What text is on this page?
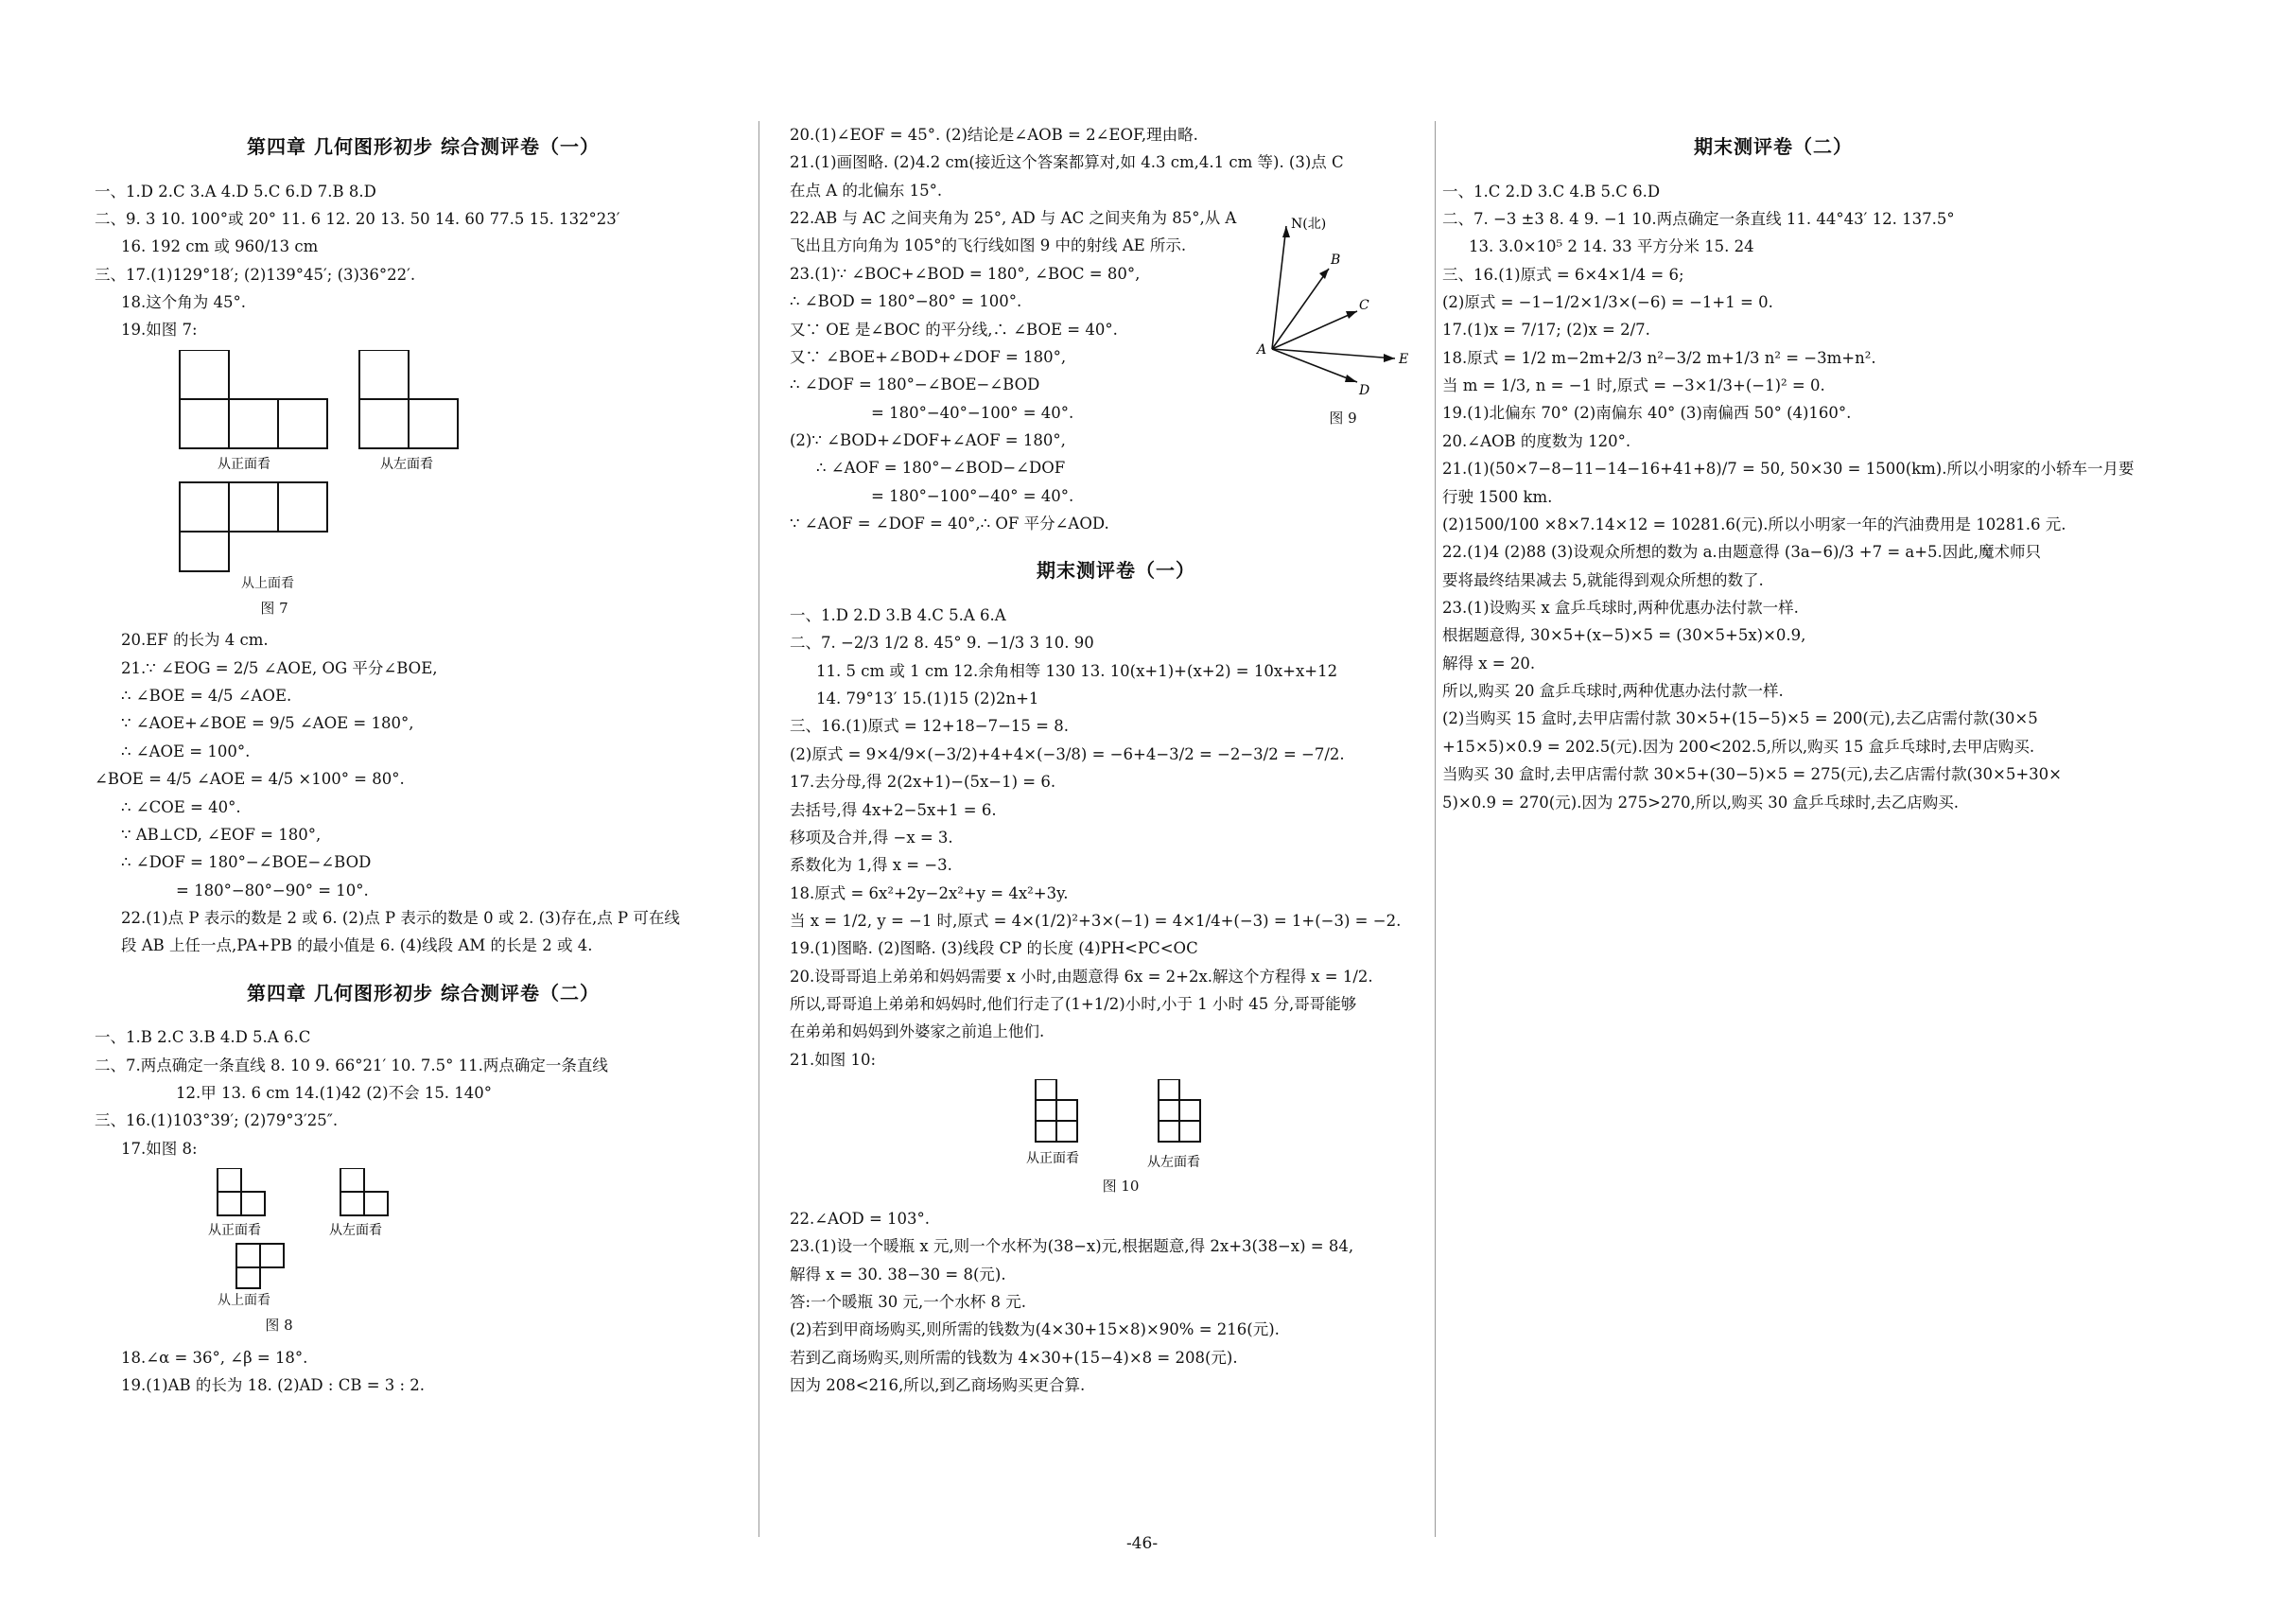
第四章 几何图形初步 综合测评卷（一）
一、1.D 2.C 3.A 4.D 5.C 6.D 7.B 8.D
二、9. 3 10. 100°或 20° 11. 6 12. 20 13. 50 14. 60 77.5 15. 132°23′
16. 192 cm 或 960/13 cm
三、17.(1)129°18′; (2)139°45′; (3)36°22′.
18.这个角为 45°.
19.如图 7:
从正面看	从左面看
从上面看
图 7
20.EF 的长为 4 cm.
21.∵ ∠EOG = 2/5 ∠AOE, OG 平分∠BOE,
∴ ∠BOE = 4/5 ∠AOE.
∵ ∠AOE+∠BOE = 9/5 ∠AOE = 180°,
∴ ∠AOE = 100°.
∠BOE = 4/5 ∠AOE = 4/5 ×100° = 80°.
∴ ∠COE = 40°.
∵ AB⊥CD, ∠EOF = 180°,
∴ ∠DOF = 180°−∠BOE−∠BOD
= 180°−80°−90° = 10°.
22.(1)点 P 表示的数是 2 或 6. (2)点 P 表示的数是 0 或 2. (3)存在,点 P 可在线
段 AB 上任一点,PA+PB 的最小值是 6. (4)线段 AM 的长是 2 或 4.
第四章 几何图形初步 综合测评卷（二）
一、1.B 2.C 3.B 4.D 5.A 6.C
二、7.两点确定一条直线 8. 10 9. 66°21′ 10. 7.5° 11.两点确定一条直线
12.甲 13. 6 cm 14.(1)42 (2)不会 15. 140°
三、16.(1)103°39′; (2)79°3′25″.
17.如图 8:
从正面看	从左面看
从上面看
图 8
18.∠α = 36°, ∠β = 18°.
19.(1)AB 的长为 18. (2)AD : CB = 3 : 2.
20.(1)∠EOF = 45°. (2)结论是∠AOB = 2∠EOF,理由略.
21.(1)画图略. (2)4.2 cm(接近这个答案都算对,如 4.3 cm,4.1 cm 等). (3)点 C
在点 A 的北偏东 15°.
22.AB 与 AC 之间夹角为 25°, AD 与 AC 之间夹角为 85°,从 A
飞出且方向角为 105°的飞行线如图 9 中的射线 AE 所示.
23.(1)∵ ∠BOC+∠BOD = 180°, ∠BOC = 80°,
∴ ∠BOD = 180°−80° = 100°.
又∵ OE 是∠BOC 的平分线,∴ ∠BOE = 40°.
又∵ ∠BOE+∠BOD+∠DOF = 180°,
∴ ∠DOF = 180°−∠BOE−∠BOD
= 180°−40°−100° = 40°.
(2)∵ ∠BOD+∠DOF+∠AOF = 180°,
∴ ∠AOF = 180°−∠BOD−∠DOF
= 180°−100°−40° = 40°.
∵ ∠AOF = ∠DOF = 40°,∴ OF 平分∠AOD.
N(北)
B
C
A
E
D
图 9
期末测评卷（一）
一、1.D 2.D 3.B 4.C 5.A 6.A
二、7. −2/3 1/2 8. 45° 9. −1/3 3 10. 90
11. 5 cm 或 1 cm 12.余角相等 130 13. 10(x+1)+(x+2) = 10x+x+12
14. 79°13′ 15.(1)15 (2)2n+1
三、16.(1)原式 = 12+18−7−15 = 8.
(2)原式 = 9×4/9×(−3/2)+4+4×(−3/8) = −6+4−3/2 = −2−3/2 = −7/2.
17.去分母,得 2(2x+1)−(5x−1) = 6.
去括号,得 4x+2−5x+1 = 6.
移项及合并,得 −x = 3.
系数化为 1,得 x = −3.
18.原式 = 6x²+2y−2x²+y = 4x²+3y.
当 x = 1/2, y = −1 时,原式 = 4×(1/2)²+3×(−1) = 4×1/4+(−3) = 1+(−3) = −2.
19.(1)图略. (2)图略. (3)线段 CP 的长度 (4)PH<PC<OC
20.设哥哥追上弟弟和妈妈需要 x 小时,由题意得 6x = 2+2x.解这个方程得 x = 1/2.
所以,哥哥追上弟弟和妈妈时,他们行走了(1+1/2)小时,小于 1 小时 45 分,哥哥能够
在弟弟和妈妈到外婆家之前追上他们.
21.如图 10:
从正面看	从左面看
图 10
22.∠AOD = 103°.
23.(1)设一个暖瓶 x 元,则一个水杯为(38−x)元,根据题意,得 2x+3(38−x) = 84,
解得 x = 30. 38−30 = 8(元).
答:一个暖瓶 30 元,一个水杯 8 元.
(2)若到甲商场购买,则所需的钱数为(4×30+15×8)×90% = 216(元).
若到乙商场购买,则所需的钱数为 4×30+(15−4)×8 = 208(元).
因为 208<216,所以,到乙商场购买更合算.
期末测评卷（二）
一、1.C 2.D 3.C 4.B 5.C 6.D
二、7. −3 ±3 8. 4 9. −1 10.两点确定一条直线 11. 44°43′ 12. 137.5°
13. 3.0×10⁵ 2 14. 33 平方分米 15. 24
三、16.(1)原式 = 6×4×1/4 = 6;
(2)原式 = −1−1/2×1/3×(−6) = −1+1 = 0.
17.(1)x = 7/17; (2)x = 2/7.
18.原式 = 1/2 m−2m+2/3 n²−3/2 m+1/3 n² = −3m+n².
当 m = 1/3, n = −1 时,原式 = −3×1/3+(−1)² = 0.
19.(1)北偏东 70° (2)南偏东 40° (3)南偏西 50° (4)160°.
20.∠AOB 的度数为 120°.
21.(1)(50×7−8−11−14−16+41+8)/7 = 50, 50×30 = 1500(km).所以小明家的小轿车一月要
行驶 1500 km.
(2)1500/100 ×8×7.14×12 = 10281.6(元).所以小明家一年的汽油费用是 10281.6 元.
22.(1)4 (2)88 (3)设观众所想的数为 a.由题意得 (3a−6)/3 +7 = a+5.因此,魔术师只
要将最终结果减去 5,就能得到观众所想的数了.
23.(1)设购买 x 盒乒乓球时,两种优惠办法付款一样.
根据题意得, 30×5+(x−5)×5 = (30×5+5x)×0.9,
解得 x = 20.
所以,购买 20 盒乒乓球时,两种优惠办法付款一样.
(2)当购买 15 盒时,去甲店需付款 30×5+(15−5)×5 = 200(元),去乙店需付款(30×5
+15×5)×0.9 = 202.5(元).因为 200<202.5,所以,购买 15 盒乒乓球时,去甲店购买.
当购买 30 盒时,去甲店需付款 30×5+(30−5)×5 = 275(元),去乙店需付款(30×5+30×
5)×0.9 = 270(元).因为 275>270,所以,购买 30 盒乒乓球时,去乙店购买.
-46-
